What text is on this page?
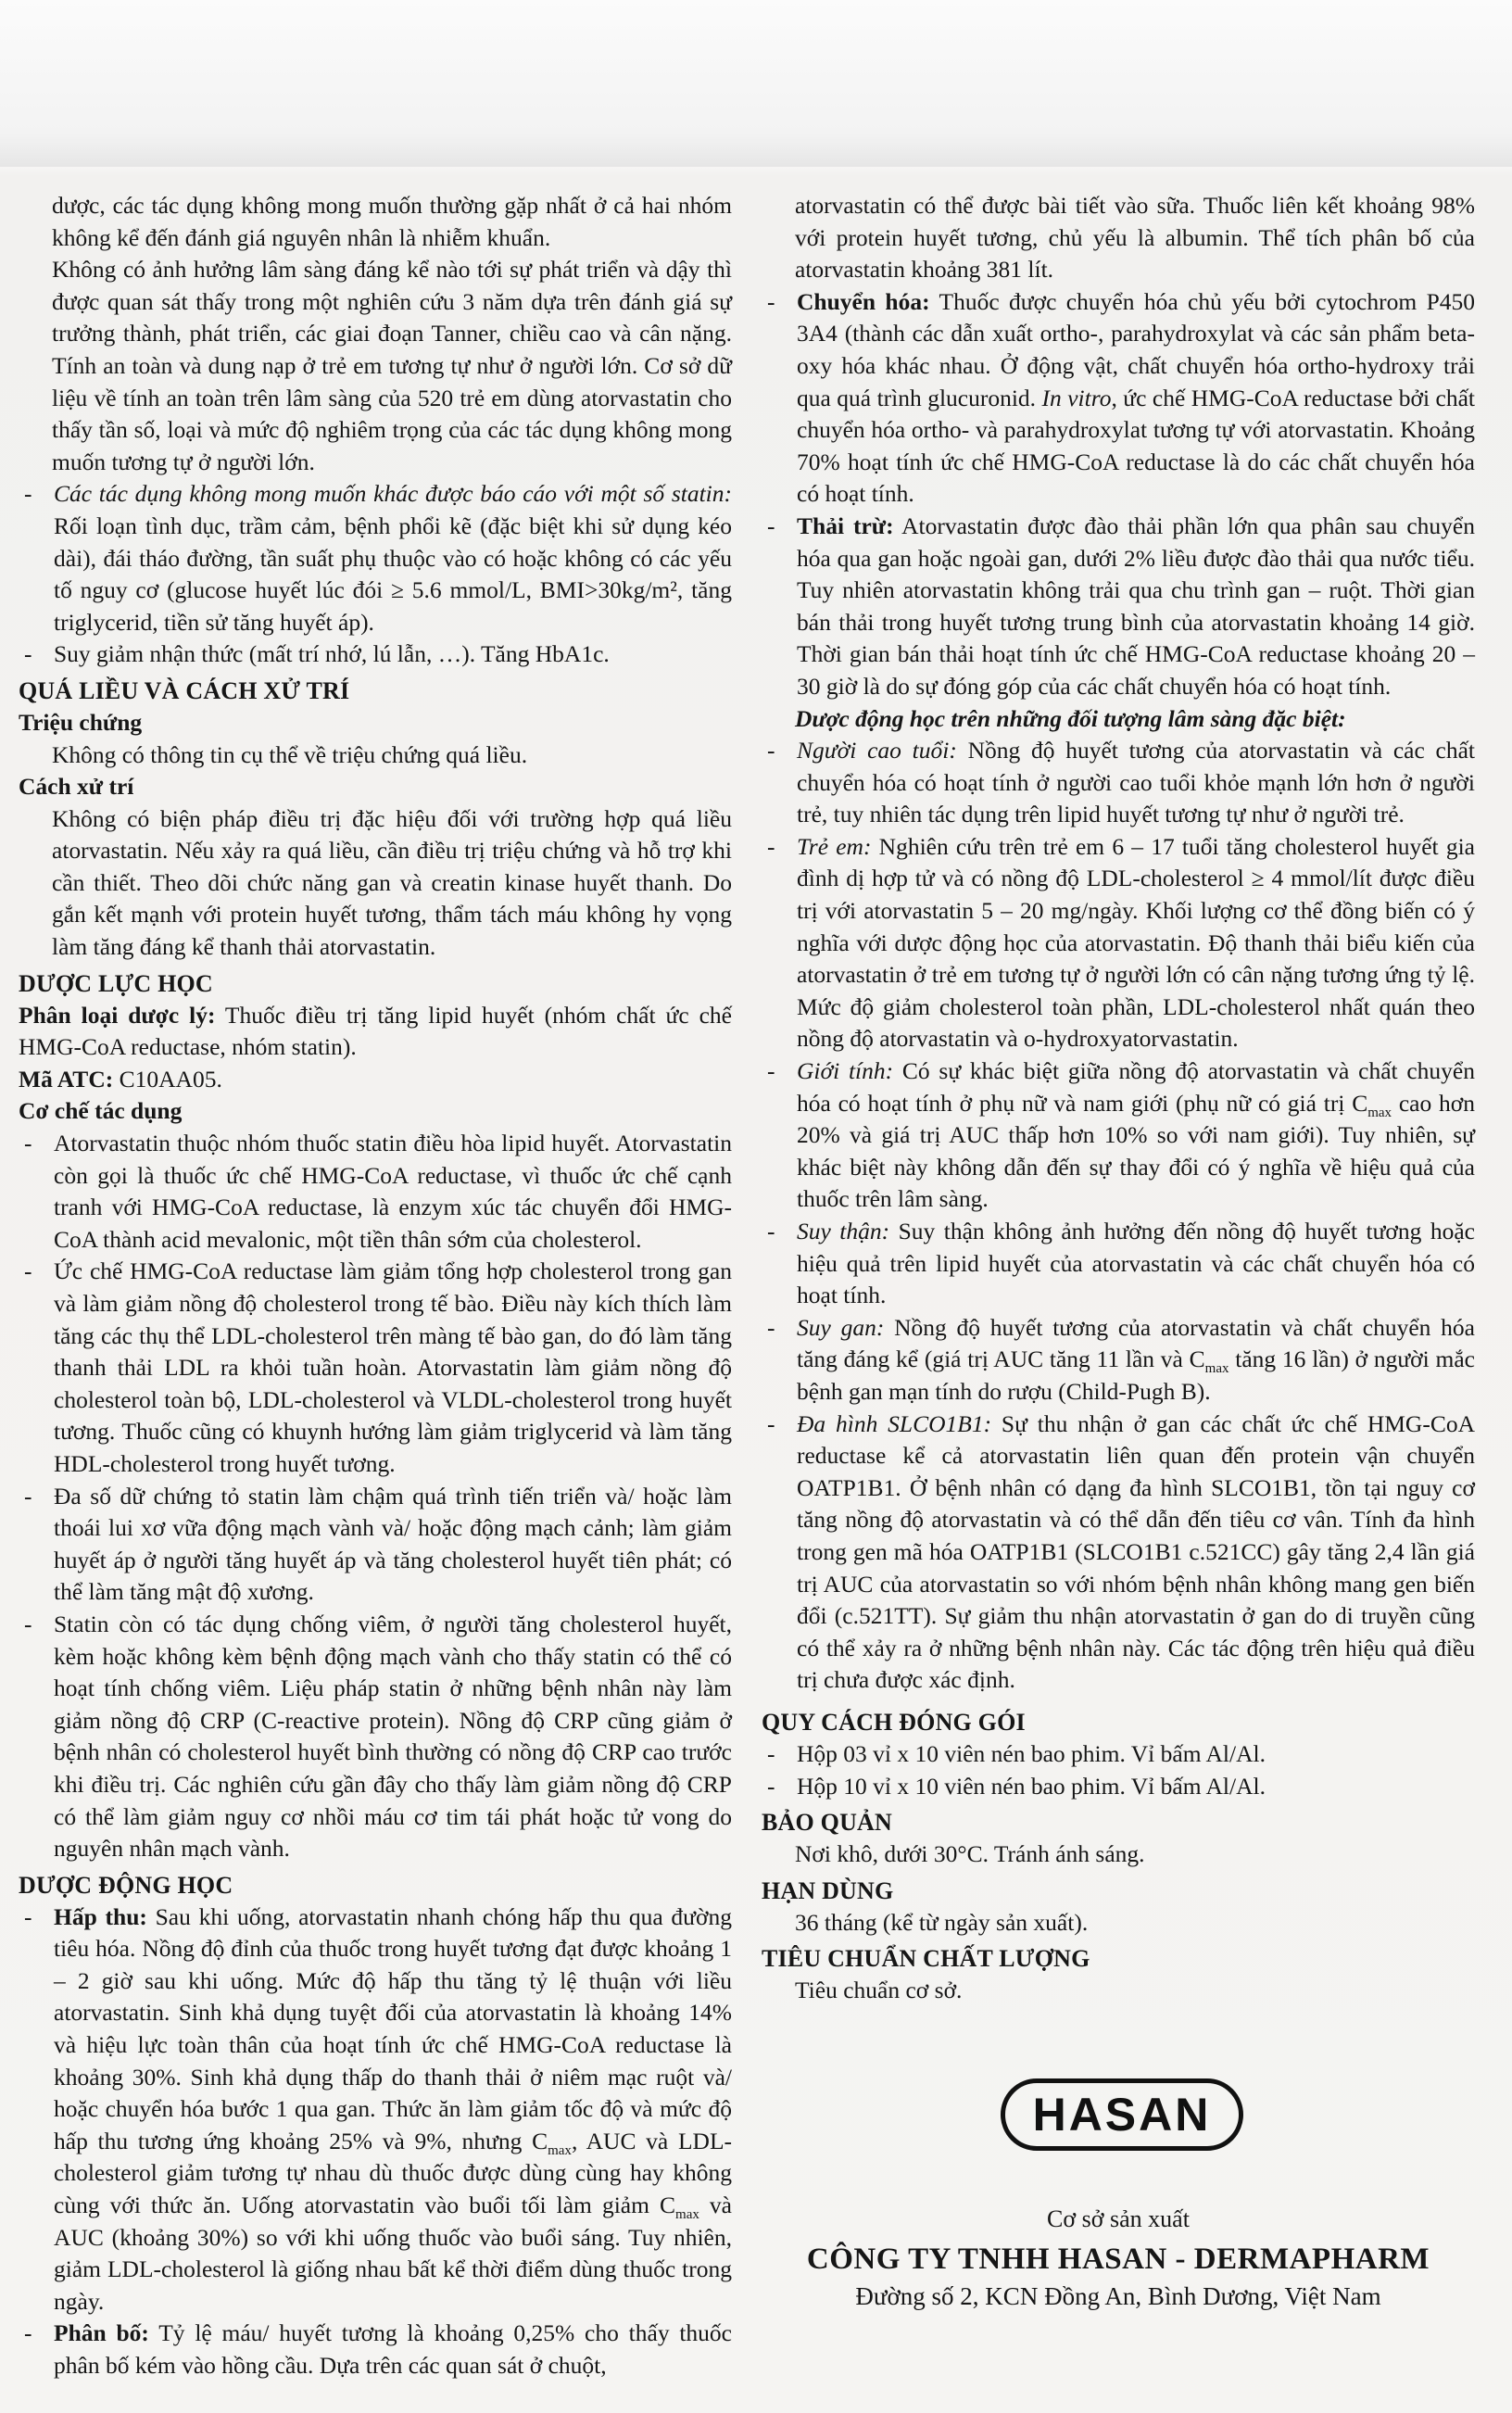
dược, các tác dụng không mong muốn thường gặp nhất ở cả hai nhóm không kể đến đánh giá nguyên nhân là nhiễm khuẩn.

Không có ảnh hưởng lâm sàng đáng kể nào tới sự phát triển và dậy thì được quan sát thấy trong một nghiên cứu 3 năm dựa trên đánh giá sự trưởng thành, phát triển, các giai đoạn Tanner, chiều cao và cân nặng. Tính an toàn và dung nạp ở trẻ em tương tự như ở người lớn. Cơ sở dữ liệu về tính an toàn trên lâm sàng của 520 trẻ em dùng atorvastatin cho thấy tần số, loại và mức độ nghiêm trọng của các tác dụng không mong muốn tương tự ở người lớn.

- Các tác dụng không mong muốn khác được báo cáo với một số statin: Rối loạn tình dục, trầm cảm, bệnh phổi kẽ (đặc biệt khi sử dụng kéo dài), đái tháo đường, tần suất phụ thuộc vào có hoặc không có các yếu tố nguy cơ (glucose huyết lúc đói ≥ 5.6 mmol/L, BMI>30kg/m², tăng triglycerid, tiền sử tăng huyết áp).

- Suy giảm nhận thức (mất trí nhớ, lú lẫn, …). Tăng HbA1c.

QUÁ LIỀU VÀ CÁCH XỬ TRÍ

Triệu chứng

Không có thông tin cụ thể về triệu chứng quá liều.

Cách xử trí

Không có biện pháp điều trị đặc hiệu đối với trường hợp quá liều atorvastatin. Nếu xảy ra quá liều, cần điều trị triệu chứng và hỗ trợ khi cần thiết. Theo dõi chức năng gan và creatin kinase huyết thanh. Do gắn kết mạnh với protein huyết tương, thẩm tách máu không hy vọng làm tăng đáng kể thanh thải atorvastatin.

DƯỢC LỰC HỌC

Phân loại dược lý: Thuốc điều trị tăng lipid huyết (nhóm chất ức chế HMG-CoA reductase, nhóm statin).

Mã ATC: C10AA05.

Cơ chế tác dụng

- Atorvastatin thuộc nhóm thuốc statin điều hòa lipid huyết. Atorvastatin còn gọi là thuốc ức chế HMG-CoA reductase, vì thuốc ức chế cạnh tranh với HMG-CoA reductase, là enzym xúc tác chuyển đổi HMG-CoA thành acid mevalonic, một tiền thân sớm của cholesterol.

- Ức chế HMG-CoA reductase làm giảm tổng hợp cholesterol trong gan và làm giảm nồng độ cholesterol trong tế bào. Điều này kích thích làm tăng các thụ thể LDL-cholesterol trên màng tế bào gan, do đó làm tăng thanh thải LDL ra khỏi tuần hoàn. Atorvastatin làm giảm nồng độ cholesterol toàn bộ, LDL-cholesterol và VLDL-cholesterol trong huyết tương. Thuốc cũng có khuynh hướng làm giảm triglycerid và làm tăng HDL-cholesterol trong huyết tương.

- Đa số dữ chứng tỏ statin làm chậm quá trình tiến triển và/ hoặc làm thoái lui xơ vữa động mạch vành và/ hoặc động mạch cảnh; làm giảm huyết áp ở người tăng huyết áp và tăng cholesterol huyết tiên phát; có thể làm tăng mật độ xương.

- Statin còn có tác dụng chống viêm, ở người tăng cholesterol huyết, kèm hoặc không kèm bệnh động mạch vành cho thấy statin có thể có hoạt tính chống viêm. Liệu pháp statin ở những bệnh nhân này làm giảm nồng độ CRP (C-reactive protein). Nồng độ CRP cũng giảm ở bệnh nhân có cholesterol huyết bình thường có nồng độ CRP cao trước khi điều trị. Các nghiên cứu gần đây cho thấy làm giảm nồng độ CRP có thể làm giảm nguy cơ nhồi máu cơ tim tái phát hoặc tử vong do nguyên nhân mạch vành.

DƯỢC ĐỘNG HỌC

- Hấp thu: Sau khi uống, atorvastatin nhanh chóng hấp thu qua đường tiêu hóa. Nồng độ đỉnh của thuốc trong huyết tương đạt được khoảng 1 – 2 giờ sau khi uống. Mức độ hấp thu tăng tỷ lệ thuận với liều atorvastatin. Sinh khả dụng tuyệt đối của atorvastatin là khoảng 14% và hiệu lực toàn thân của hoạt tính ức chế HMG-CoA reductase là khoảng 30%. Sinh khả dụng thấp do thanh thải ở niêm mạc ruột và/ hoặc chuyển hóa bước 1 qua gan. Thức ăn làm giảm tốc độ và mức độ hấp thu tương ứng khoảng 25% và 9%, nhưng $C_{max}$, AUC và LDL-cholesterol giảm tương tự nhau dù thuốc được dùng cùng hay không cùng với thức ăn. Uống atorvastatin vào buổi tối làm giảm $C_{max}$ và AUC (khoảng 30%) so với khi uống thuốc vào buổi sáng. Tuy nhiên, giảm LDL-cholesterol là giống nhau bất kể thời điểm dùng thuốc trong ngày.

- Phân bố: Tỷ lệ máu/ huyết tương là khoảng 0,25% cho thấy thuốc phân bố kém vào hồng cầu. Dựa trên các quan sát ở chuột,

atorvastatin có thể được bài tiết vào sữa. Thuốc liên kết khoảng 98% với protein huyết tương, chủ yếu là albumin. Thể tích phân bố của atorvastatin khoảng 381 lít.

- Chuyển hóa: Thuốc được chuyển hóa chủ yếu bởi cytochrom P450 3A4 (thành các dẫn xuất ortho-, parahydroxylat và các sản phẩm beta-oxy hóa khác nhau. Ở động vật, chất chuyển hóa ortho-hydroxy trải qua quá trình glucuronid. In vitro, ức chế HMG-CoA reductase bởi chất chuyển hóa ortho- và parahydroxylat tương tự với atorvastatin. Khoảng 70% hoạt tính ức chế HMG-CoA reductase là do các chất chuyển hóa có hoạt tính.

- Thải trừ: Atorvastatin được đào thải phần lớn qua phân sau chuyển hóa qua gan hoặc ngoài gan, dưới 2% liều được đào thải qua nước tiểu. Tuy nhiên atorvastatin không trải qua chu trình gan – ruột. Thời gian bán thải trong huyết tương trung bình của atorvastatin khoảng 14 giờ. Thời gian bán thải hoạt tính ức chế HMG-CoA reductase khoảng 20 – 30 giờ là do sự đóng góp của các chất chuyển hóa có hoạt tính.

Dược động học trên những đối tượng lâm sàng đặc biệt:

- Người cao tuổi: Nồng độ huyết tương của atorvastatin và các chất chuyển hóa có hoạt tính ở người cao tuổi khỏe mạnh lớn hơn ở người trẻ, tuy nhiên tác dụng trên lipid huyết tương tự như ở người trẻ.

- Trẻ em: Nghiên cứu trên trẻ em 6 – 17 tuổi tăng cholesterol huyết gia đình dị hợp tử và có nồng độ LDL-cholesterol ≥ 4 mmol/lít được điều trị với atorvastatin 5 – 20 mg/ngày. Khối lượng cơ thể đồng biến có ý nghĩa với dược động học của atorvastatin. Độ thanh thải biểu kiến của atorvastatin ở trẻ em tương tự ở người lớn có cân nặng tương ứng tỷ lệ. Mức độ giảm cholesterol toàn phần, LDL-cholesterol nhất quán theo nồng độ atorvastatin và o-hydroxyatorvastatin.

- Giới tính: Có sự khác biệt giữa nồng độ atorvastatin và chất chuyển hóa có hoạt tính ở phụ nữ và nam giới (phụ nữ có giá trị $C_{max}$ cao hơn 20% và giá trị AUC thấp hơn 10% so với nam giới). Tuy nhiên, sự khác biệt này không dẫn đến sự thay đổi có ý nghĩa về hiệu quả của thuốc trên lâm sàng.

- Suy thận: Suy thận không ảnh hưởng đến nồng độ huyết tương hoặc hiệu quả trên lipid huyết của atorvastatin và các chất chuyển hóa có hoạt tính.

- Suy gan: Nồng độ huyết tương của atorvastatin và chất chuyển hóa tăng đáng kể (giá trị AUC tăng 11 lần và $C_{max}$ tăng 16 lần) ở người mắc bệnh gan mạn tính do rượu (Child-Pugh B).

- Đa hình SLCO1B1: Sự thu nhận ở gan các chất ức chế HMG-CoA reductase kể cả atorvastatin liên quan đến protein vận chuyển OATP1B1. Ở bệnh nhân có dạng đa hình SLCO1B1, tồn tại nguy cơ tăng nồng độ atorvastatin và có thể dẫn đến tiêu cơ vân. Tính đa hình trong gen mã hóa OATP1B1 (SLCO1B1 c.521CC) gây tăng 2,4 lần giá trị AUC của atorvastatin so với nhóm bệnh nhân không mang gen biến đổi (c.521TT). Sự giảm thu nhận atorvastatin ở gan do di truyền cũng có thể xảy ra ở những bệnh nhân này. Các tác động trên hiệu quả điều trị chưa được xác định.

QUY CÁCH ĐÓNG GÓI

- Hộp 03 vỉ x 10 viên nén bao phim. Vỉ bấm Al/Al.

- Hộp 10 vỉ x 10 viên nén bao phim. Vỉ bấm Al/Al.

BẢO QUẢN

Nơi khô, dưới 30°C. Tránh ánh sáng.

HẠN DÙNG

36 tháng (kể từ ngày sản xuất).

TIÊU CHUẨN CHẤT LƯỢNG

Tiêu chuẩn cơ sở.

HASAN
Cơ sở sản xuất
CÔNG TY TNHH HASAN - DERMAPHARM
Đường số 2, KCN Đồng An, Bình Dương, Việt Nam
